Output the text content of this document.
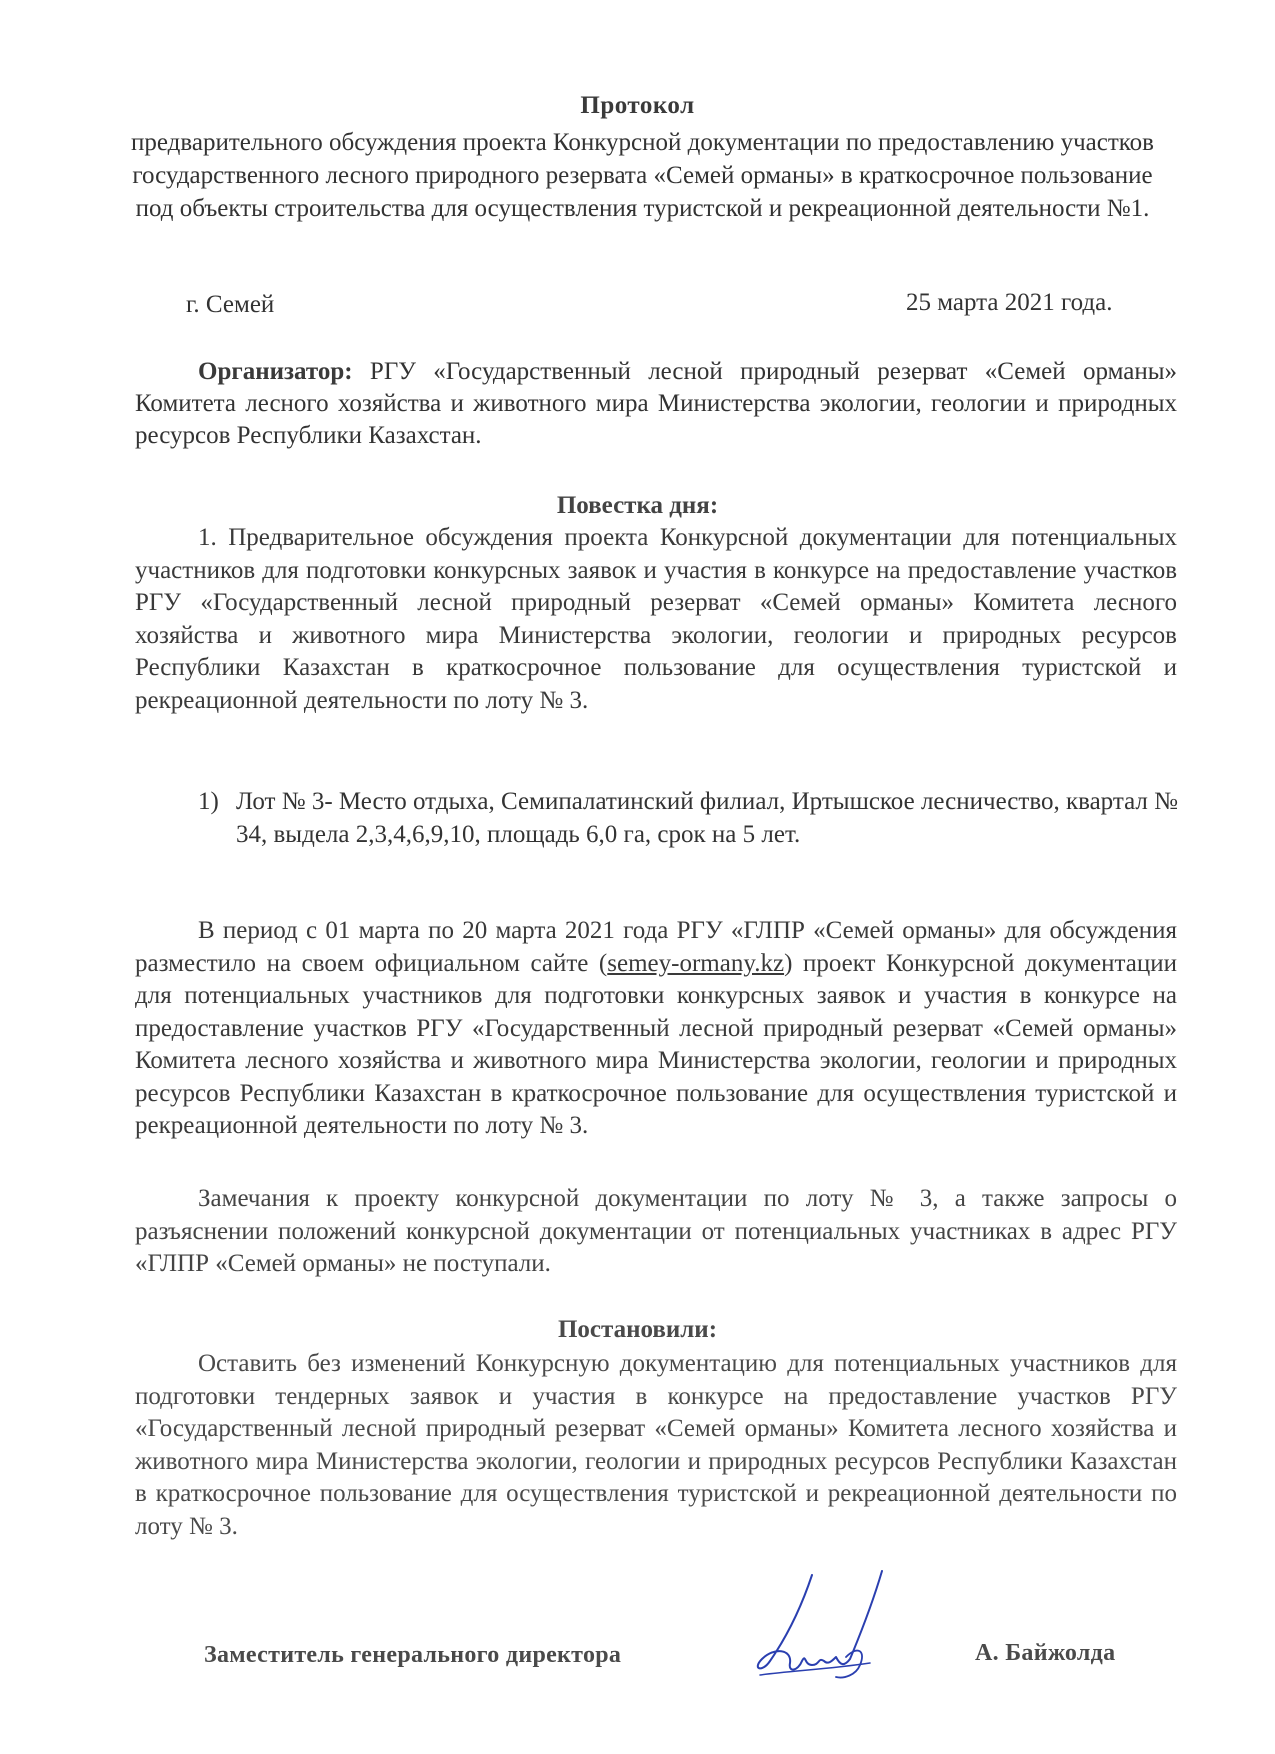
Протокол
предварительного обсуждения проекта Конкурсной документации по предоставлению участков государственного лесного природного резервата «Семей орманы» в краткосрочное пользование под объекты строительства для осуществления туристской и рекреационной деятельности №1.
г. Семей	25 марта 2021 года.
Организатор: РГУ «Государственный лесной природный резерват «Семей орманы» Комитета лесного хозяйства и животного мира Министерства экологии, геологии и природных ресурсов Республики Казахстан.
Повестка дня:
1. Предварительное обсуждения проекта Конкурсной документации для потенциальных участников для подготовки конкурсных заявок и участия в конкурсе на предоставление участков РГУ «Государственный лесной природный резерват «Семей орманы» Комитета лесного хозяйства и животного мира Министерства экологии, геологии и природных ресурсов Республики Казахстан в краткосрочное пользование для осуществления туристской и рекреационной деятельности по лоту № 3.
1) Лот № 3- Место отдыха, Семипалатинский филиал, Иртышское лесничество, квартал № 34, выдела 2,3,4,6,9,10, площадь 6,0 га, срок на 5 лет.
В период с 01 марта по 20 марта 2021 года РГУ «ГЛПР «Семей орманы» для обсуждения разместило на своем официальном сайте (semey-ormany.kz) проект Конкурсной документации для потенциальных участников для подготовки конкурсных заявок и участия в конкурсе на предоставление участков РГУ «Государственный лесной природный резерват «Семей орманы» Комитета лесного хозяйства и животного мира Министерства экологии, геологии и природных ресурсов Республики Казахстан в краткосрочное пользование для осуществления туристской и рекреационной деятельности по лоту № 3.
Замечания к проекту конкурсной документации по лоту № 3, а также запросы о разъяснении положений конкурсной документации от потенциальных участниках в адрес РГУ «ГЛПР «Семей орманы» не поступали.
Постановили:
Оставить без изменений Конкурсную документацию для потенциальных участников для подготовки тендерных заявок и участия в конкурсе на предоставление участков РГУ «Государственный лесной природный резерват «Семей орманы» Комитета лесного хозяйства и животного мира Министерства экологии, геологии и природных ресурсов Республики Казахстан в краткосрочное пользование для осуществления туристской и рекреационной деятельности по лоту № 3.
Заместитель генерального директора	А. Байжолда
